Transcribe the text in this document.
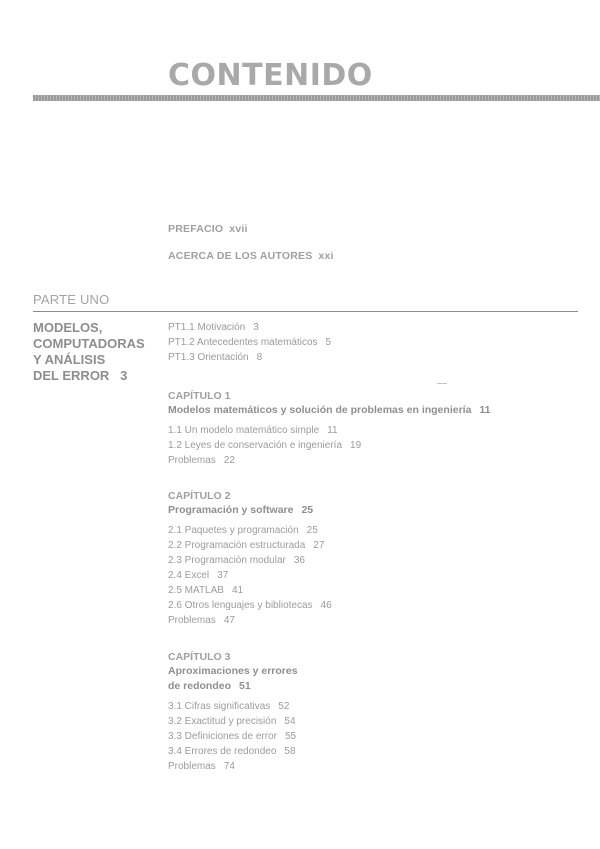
CONTENIDO
PREFACIO xvii
ACERCA DE LOS AUTORES xxi
PARTE UNO
MODELOS,
COMPUTADORAS
Y ANÁLISIS
DEL ERROR 3
PT1.1 Motivación 3
PT1.2 Antecedentes matemáticos 5
PT1.3 Orientación 8
CAPÍTULO 1
Modelos matemáticos y solución de problemas en ingeniería 11
1.1 Un modelo matemático simple 11
1.2 Leyes de conservación e ingeniería 19
Problemas 22
CAPÍTULO 2
Programación y software 25
2.1 Paquetes y programación 25
2.2 Programación estructurada 27
2.3 Programación modular 36
2.4 Excel 37
2.5 MATLAB 41
2.6 Otros lenguajes y bibliotecas 46
Problemas 47
CAPÍTULO 3
Aproximaciones y errores
de redondeo 51
3.1 Cifras significativas 52
3.2 Exactitud y precisión 54
3.3 Definiciones de error 55
3.4 Errores de redondeo 58
Problemas 74
